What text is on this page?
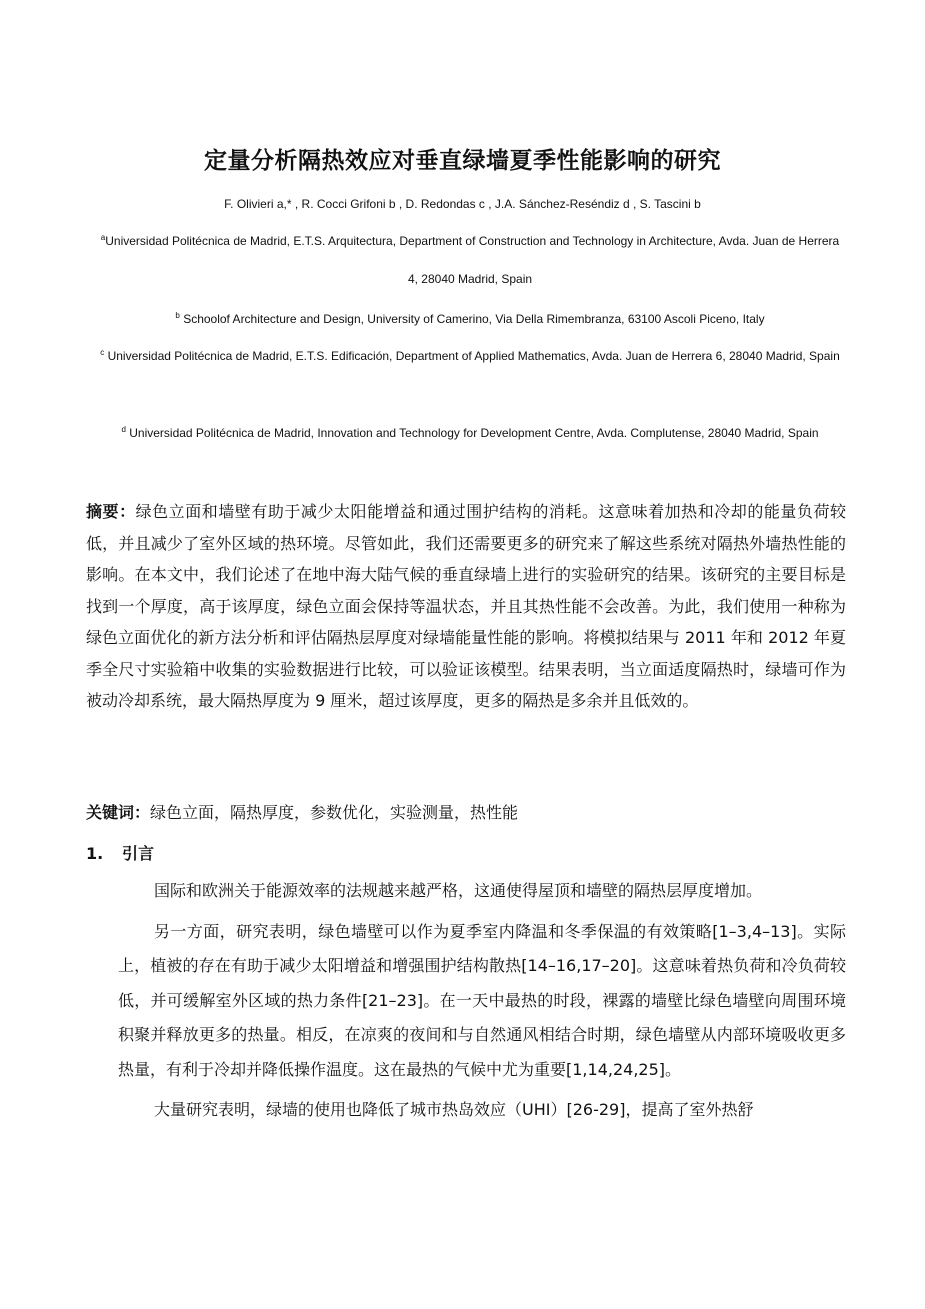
定量分析隔热效应对垂直绿墙夏季性能影响的研究
F. Olivieri a,* , R. Cocci Grifoni b , D. Redondas c , J.A. Sánchez-Reséndiz d , S. Tascini b
$^a$Universidad Politécnica de Madrid, E.T.S. Arquitectura, Department of Construction and Technology in Architecture, Avda. Juan de Herrera 4, 28040 Madrid, Spain
$^b$ Schoolof Architecture and Design, University of Camerino, Via Della Rimembranza, 63100 Ascoli Piceno, Italy
$^c$ Universidad Politécnica de Madrid, E.T.S. Edificación, Department of Applied Mathematics, Avda. Juan de Herrera 6, 28040 Madrid, Spain
$^d$ Universidad Politécnica de Madrid, Innovation and Technology for Development Centre, Avda. Complutense, 28040 Madrid, Spain
摘要：绿色立面和墙壁有助于减少太阳能增益和通过围护结构的消耗。这意味着加热和冷却的能量负荷较低，并且减少了室外区域的热环境。尽管如此，我们还需要更多的研究来了解这些系统对隔热外墙热性能的影响。在本文中，我们论述了在地中海大陆气候的垂直绿墙上进行的实验研究的结果。该研究的主要目标是找到一个厚度，高于该厚度，绿色立面会保持等温状态，并且其热性能不会改善。为此，我们使用一种称为绿色立面优化的新方法分析和评估隔热层厚度对绿墙能量性能的影响。将模拟结果与 2011 年和 2012 年夏季全尺寸实验箱中收集的实验数据进行比较，可以验证该模型。结果表明，当立面适度隔热时，绿墙可作为被动冷却系统，最大隔热厚度为 9 厘米，超过该厚度，更多的隔热是多余并且低效的。
关键词：绿色立面，隔热厚度，参数优化，实验测量，热性能
1. 引言

国际和欧洲关于能源效率的法规越来越严格，这通使得屋顶和墙壁的隔热层厚度增加。

另一方面，研究表明，绿色墙壁可以作为夏季室内降温和冬季保温的有效策略[1–3,4–13]。实际上，植被的存在有助于减少太阳增益和增强围护结构散热[14–16,17–20]。这意味着热负荷和冷负荷较低，并可缓解室外区域的热力条件[21–23]。在一天中最热的时段，裸露的墙壁比绿色墙壁向周围环境积聚并释放更多的热量。相反，在凉爽的夜间和与自然通风相结合时期，绿色墙壁从内部环境吸收更多热量，有利于冷却并降低操作温度。这在最热的气候中尤为重要[1,14,24,25]。

大量研究表明，绿墙的使用也降低了城市热岛效应（UHI）[26-29]，提高了室外热舒
